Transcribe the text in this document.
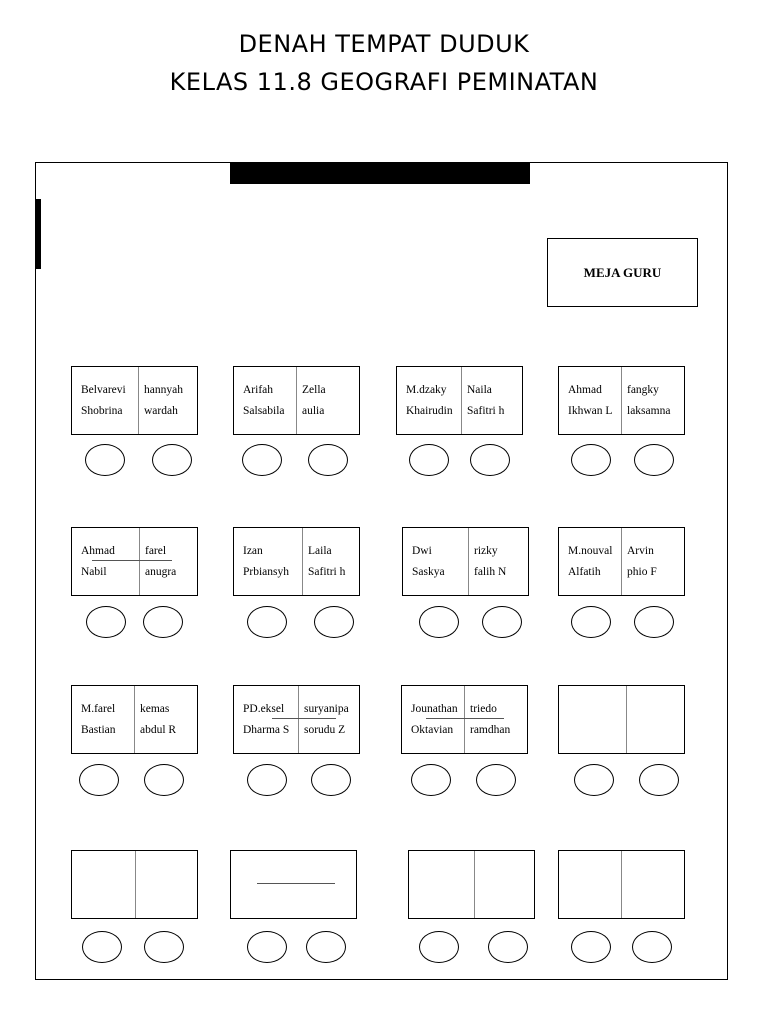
DENAH TEMPAT DUDUK
KELAS 11.8 GEOGRAFI PEMINATAN
MEJA GURU
Belvarevi
Shobrina
hannyah
wardah
Arifah
Salsabila
Zella
aulia
M.dzaky
Khairudin
Naila
Safitri h
Ahmad
Ikhwan L
fangky
laksamna
Ahmad
Nabil
farel
anugra
Izan
Prbiansyh
Laila
Safitri h
Dwi
Saskya
rizky
falih N
M.nouval
Alfatih
Arvin
phio F
M.farel
Bastian
kemas
abdul R
PD.eksel
Dharma S
suryanipa
sorudu Z
Jounathan
Oktavian
triedo
ramdhan
